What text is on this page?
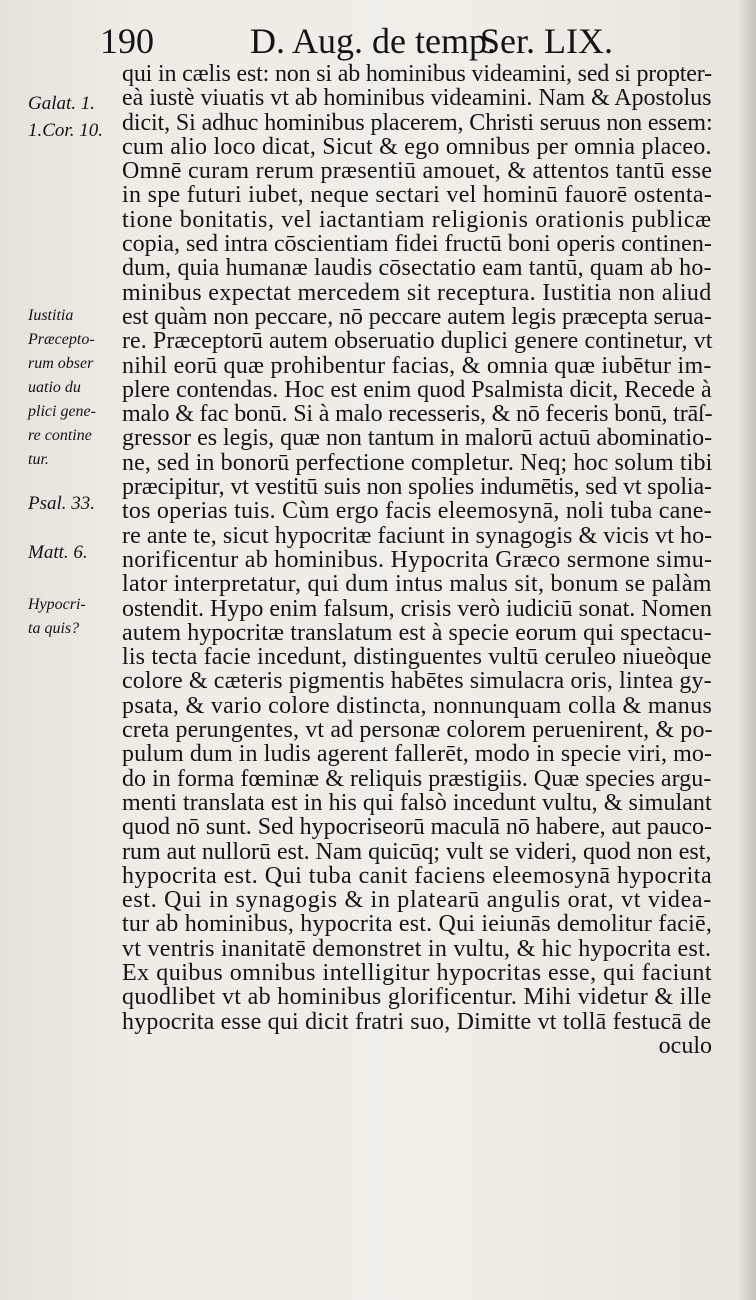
190	D. Aug. de temp.
Ser. LIX.
Galat. 1.
1.Cor. 10.
Iustitia
Præcepto-
rum obser
uatio du
plici gene-
re contine
tur.
Psal. 33.
Matt. 6.
Hypocri-
ta quis?
qui in cælis est: non si ab hominibus videamini, sed si propter-
eà iustè viuatis vt ab hominibus videamini. Nam & Apostolus
dicit, Si adhuc hominibus placerem, Christi seruus non essem:
cum alio loco dicat, Sicut & ego omnibus per omnia placeo.
Omnē curam rerum præsentiū amouet, & attentos tantū esse
in spe futuri iubet, neque sectari vel hominū fauorē ostenta-
tione bonitatis, vel iactantiam religionis orationis publicæ
copia, sed intra cōscientiam fidei fructū boni operis continen-
dum, quia humanæ laudis cōsectatio eam tantū, quam ab ho-
minibus expectat mercedem sit receptura. Iustitia non aliud
est quàm non peccare, nō peccare autem legis præcepta serua-
re. Præceptorū autem obseruatio duplici genere continetur, vt
nihil eorū quæ prohibentur facias, & omnia quæ iubētur im-
plere contendas. Hoc est enim quod Psalmista dicit, Recede à
malo & fac bonū. Si à malo recesseris, & nō feceris bonū, trāſ-
gressor es legis, quæ non tantum in malorū actuū abominatio-
ne, sed in bonorū perfectione completur. Neq; hoc solum tibi
præcipitur, vt vestitū suis non spolies indumētis, sed vt spolia-
tos operias tuis. Cùm ergo facis eleemosynā, noli tuba cane-
re ante te, sicut hypocritæ faciunt in synagogis & vicis vt ho-
norificentur ab hominibus. Hypocrita Græco sermone simu-
lator interpretatur, qui dum intus malus sit, bonum se palàm
ostendit. Hypo enim falsum, crisis verò iudiciū sonat. Nomen
autem hypocritæ translatum est à specie eorum qui spectacu-
lis tecta facie incedunt, distinguentes vultū ceruleo niueòque
colore & cæteris pigmentis habētes simulacra oris, lintea gy-
psata, & vario colore distincta, nonnunquam colla & manus
creta perungentes, vt ad personæ colorem peruenirent, & po-
pulum dum in ludis agerent fallerēt, modo in specie viri, mo-
do in forma fœminæ & reliquis præstigiis. Quæ species argu-
menti translata est in his qui falsò incedunt vultu, & simulant
quod nō sunt. Sed hypocriseorū maculā nō habere, aut pauco-
rum aut nullorū est. Nam quicūq; vult se videri, quod non est,
hypocrita est. Qui tuba canit faciens eleemosynā hypocrita
est. Qui in synagogis & in platearū angulis orat, vt videa-
tur ab hominibus, hypocrita est. Qui ieiunās demolitur faciē,
vt ventris inanitatē demonstret in vultu, & hic hypocrita est.
Ex quibus omnibus intelligitur hypocritas esse, qui faciunt
quodlibet vt ab hominibus glorificentur. Mihi videtur & ille
hypocrita esse qui dicit fratri suo, Dimitte vt tollā festucā de
oculo
